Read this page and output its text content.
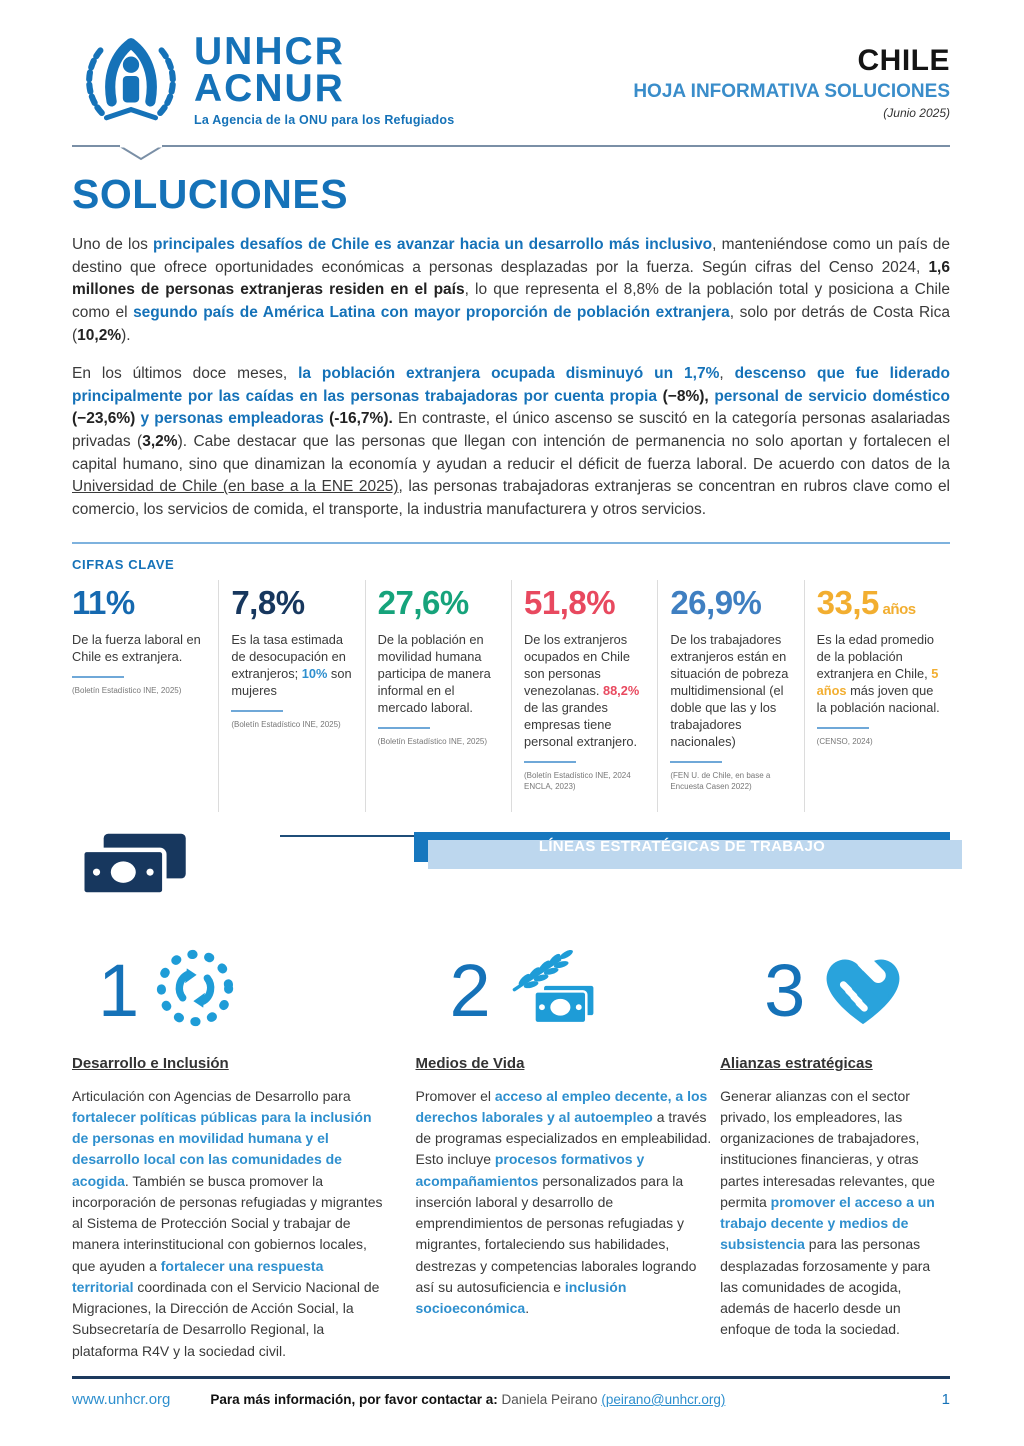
UNHCR
ACNUR
La Agencia de la ONU para los Refugiados
CHILE
HOJA INFORMATIVA SOLUCIONES
(Junio 2025)
SOLUCIONES

Uno de los principales desafíos de Chile es avanzar hacia un desarrollo más inclusivo, manteniéndose como un país de destino que ofrece oportunidades económicas a personas desplazadas por la fuerza. Según cifras del Censo 2024, 1,6 millones de personas extranjeras residen en el país, lo que representa el 8,8% de la población total y posiciona a Chile como el segundo país de América Latina con mayor proporción de población extranjera, solo por detrás de Costa Rica (10,2%).

En los últimos doce meses, la población extranjera ocupada disminuyó un 1,7%, descenso que fue liderado principalmente por las caídas en las personas trabajadoras por cuenta propia (−8%), personal de servicio doméstico (−23,6%) y personas empleadoras (-16,7%). En contraste, el único ascenso se suscitó en la categoría personas asalariadas privadas (3,2%). Cabe destacar que las personas que llegan con intención de permanencia no solo aportan y fortalecen el capital humano, sino que dinamizan la economía y ayudan a reducir el déficit de fuerza laboral. De acuerdo con datos de la Universidad de Chile (en base a la ENE 2025), las personas trabajadoras extranjeras se concentran en rubros clave como el comercio, los servicios de comida, el transporte, la industria manufacturera y otros servicios.

CIFRAS CLAVE
11%
De la fuerza laboral en Chile es extranjera.
(Boletín Estadístico INE, 2025)
7,8%
Es la tasa estimada de desocupación en extranjeros; 10% son mujeres
(Boletín Estadístico INE, 2025)
27,6%
De la población en movilidad humana participa de manera informal en el mercado laboral.
(Boletín Estadístico INE, 2025)
51,8%
De los extranjeros ocupados en Chile son personas venezolanas. 88,2% de las grandes empresas tiene personal extranjero.
(Boletín Estadístico INE, 2024 ENCLA, 2023)
26,9%
De los trabajadores extranjeros están en situación de pobreza multidimensional (el doble que las y los trabajadores nacionales)
(FEN U. de Chile, en base a Encuesta Casen 2022)
33,5 años
Es la edad promedio de la población extranjera en Chile, 5 años más joven que la población nacional.
(CENSO, 2024)
LÍNEAS ESTRATÉGICAS DE TRABAJO
1	2	3
Desarrollo e Inclusión
Articulación con Agencias de Desarrollo para fortalecer políticas públicas para la inclusión de personas en movilidad humana y el desarrollo local con las comunidades de acogida. También se busca promover la incorporación de personas refugiadas y migrantes al Sistema de Protección Social y trabajar de manera interinstitucional con gobiernos locales, que ayuden a fortalecer una respuesta territorial coordinada con el Servicio Nacional de Migraciones, la Dirección de Acción Social, la Subsecretaría de Desarrollo Regional, la plataforma R4V y la sociedad civil.
Medios de Vida
Promover el acceso al empleo decente, a los derechos laborales y al autoempleo a través de programas especializados en empleabilidad. Esto incluye procesos formativos y acompañamientos personalizados para la inserción laboral y desarrollo de emprendimientos de personas refugiadas y migrantes, fortaleciendo sus habilidades, destrezas y competencias laborales logrando así su autosuficiencia e inclusión socioeconómica.
Alianzas estratégicas
Generar alianzas con el sector privado, los empleadores, las organizaciones de trabajadores, instituciones financieras, y otras partes interesadas relevantes, que permita promover el acceso a un trabajo decente y medios de subsistencia para las personas desplazadas forzosamente y para las comunidades de acogida, además de hacerlo desde un enfoque de toda la sociedad.
www.unhcr.org	Para más información, por favor contactar a: Daniela Peirano (peirano@unhcr.org)	1
